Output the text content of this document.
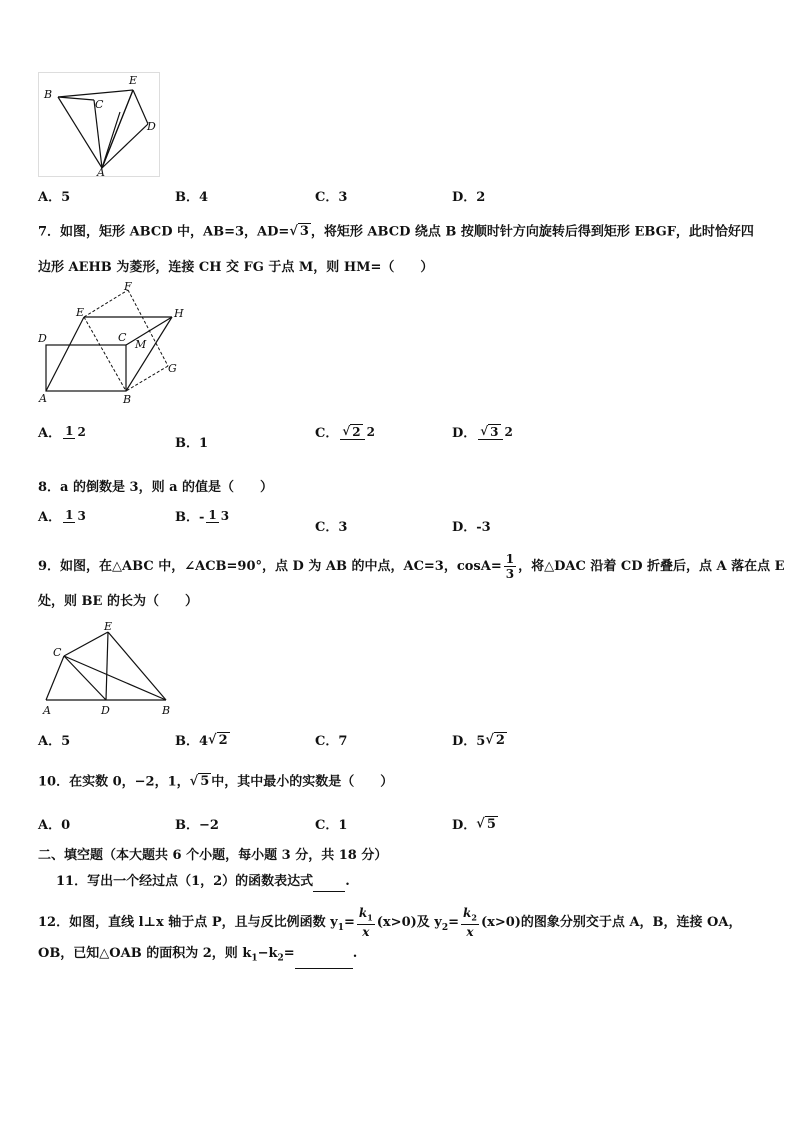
B
C
E
D
A
A．5	B．4	C．3	D．2
7．如图，矩形 ABCD 中，AB=3，AD=√ 3 ，将矩形 ABCD 绕点 B 按顺时针方向旋转后得到矩形 EBGF，此时恰好四
边形 AEHB 为菱形，连接 CH 交 FG 于点 M，则 HM=（　　）
F
E	H
D	C
M
G
A	B
A． 1 2
B．1
C． √ 2 2	D． √ 3 2
8．a 的倒数是 3，则 a 的值是（　　）
A． 1 3	B．- 1 3
C．3	D．-3
9．如图，在△ABC 中，∠ACB=90°，点 D 为 AB 的中点，AC=3，$\cos A= \frac{1}{3}$ ，将△DAC 沿着 CD 折叠后，点 A 落在点 E
处，则 BE 的长为（　　）
E
C
A	D	B
A．5	B．4√ 2	C．7	D．5√ 2
10．在实数 0，−2，1，√ 5 中，其中最小的实数是（　　）
A．0	B．−2	C．1	D．√ 5
二、填空题（本大题共 6 个小题，每小题 3 分，共 18 分）
11．写出一个经过点（1，2）的函数表达式 .
12．如图，直线 l⊥x 轴于点 P，且与反比例函数 $y_1= \frac{k_1}{x} (x>0)$及 $y_2= \frac{k_2}{x} (x>0)$的图象分别交于点 A，B，连接 OA，
OB，已知△OAB 的面积为 2，则 $k_1-k_2=$	.
